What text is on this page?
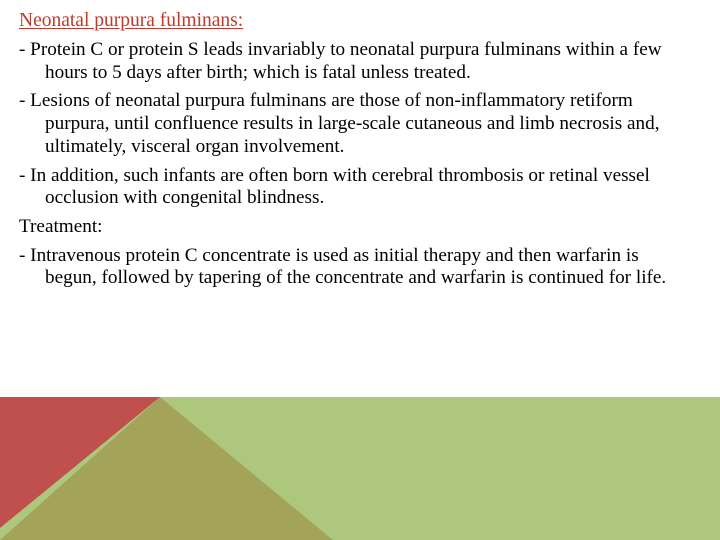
Neonatal purpura fulminans:

- Protein C or protein S leads invariably to neonatal purpura fulminans within a few hours to 5 days after birth; which is fatal unless treated.

- Lesions of neonatal purpura fulminans are those of non-inflammatory retiform purpura, until confluence results in large-scale cutaneous and limb necrosis and, ultimately, visceral organ involvement.

- In addition, such infants are often born with cerebral thrombosis or retinal vessel occlusion with congenital blindness.

Treatment:

- Intravenous protein C concentrate is used as initial therapy and then warfarin is begun, followed by tapering of the concentrate and warfarin is continued for life.
